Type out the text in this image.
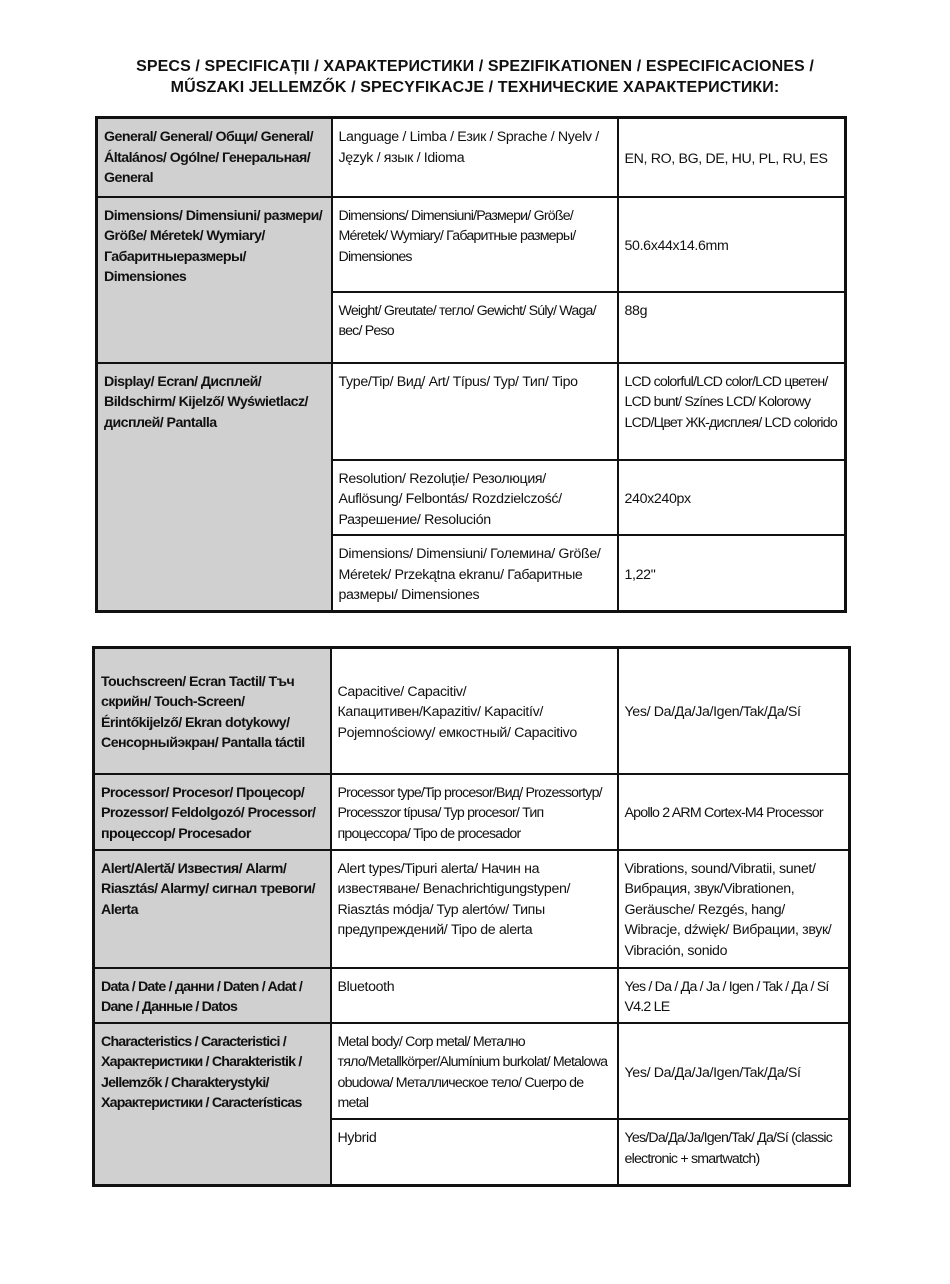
SPECS / SPECIFICAȚII / ХАРАКТЕРИСТИКИ / SPEZIFIKATIONEN / ESPECIFICACIONES /
MŰSZAKI JELLEMZŐK / SPECYFIKACJE / ТЕХНИЧЕСКИЕ ХАРАКТЕРИСТИКИ:
General/ General/ Общи/ General/ Általános/ Ogólne/ Генеральная/ General	Language / Limba / Език / Sprache / Nyelv / Język / язык / Idioma	EN, RO, BG, DE, HU, PL, RU, ES
Dimensions/ Dimensiuni/ размери/ Größe/ Méretek/ Wymiary/ Габаритныеразмеры/ Dimensiones	Dimensions/ Dimensiuni/Размери/ Größe/ Méretek/ Wymiary/ Габаритные размеры/ Dimensiones	50.6x44x14.6mm
	Weight/ Greutate/ тегло/ Gewicht/ Súly/ Waga/ вес/ Peso	88g
Display/ Ecran/ Дисплей/ Bildschirm/ Kijelző/ Wyświetlacz/ дисплей/ Pantalla	Type/Tip/ Вид/ Art/ Típus/ Typ/ Тип/ Tipo	LCD colorful/LCD color/LCD цветен/ LCD bunt/ Színes LCD/ Kolorowy LCD/Цвет ЖК-дисплея/ LCD colorido
	Resolution/ Rezoluție/ Резолюция/ Auflösung/ Felbontás/ Rozdzielczość/ Разрешение/ Resolución	240x240px
	Dimensions/ Dimensiuni/ Големина/ Größe/ Méretek/ Przekątna ekranu/ Габаритные размеры/ Dimensiones	1,22"
Touchscreen/ Ecran Tactil/ Tъч скрийн/ Touch-Screen/ Érintőkijelző/ Ekran dotykowy/ Сенсорныйэкран/ Pantalla táctil	Capacitive/ Capacitiv/ Капацитивен/Kapazitiv/ Kapacitív/ Pojemnościowy/ емкостный/ Capacitivo	Yes/ Da/Да/Ja/Igen/Tak/Да/Sí
Processor/ Procesor/ Процесор/ Prozessor/ Feldolgozó/ Processor/ процессор/ Procesador	Processor type/Tip procesor/Вид/ Prozessortyp/ Processzor típusa/ Typ procesor/ Тип процессора/ Tipo de procesador	Apollo 2 ARM Cortex-M4 Processor
Alert/Alertă/ Известия/ Alarm/ Riasztás/ Alarmy/ сигнал тревоги/ Alerta	Alert types/Tipuri alerta/ Начин на известяване/ Benachrichtigungstypen/ Riasztás módja/ Typ alertów/ Типы предупреждений/ Tipo de alerta	Vibrations, sound/Vibratii, sunet/ Вибрация, звук/Vibrationen, Geräusche/ Rezgés, hang/ Wibracje, dźwięk/ Вибрации, звук/ Vibración, sonido
Data / Date / данни / Daten / Adat / Dane / Данные / Datos	Bluetooth	Yes / Da / Да / Ja / Igen / Tak / Да / Sí V4.2 LE
Characteristics / Caracteristici / Характеристики / Charakteristik / Jellemzők / Charakterystyki/ Характеристики / Características	Metal body/ Corp metal/ Метално тяло/Metallkörper/Alumínium burkolat/ Metalowa obudowa/ Металлическое тело/ Cuerpo de metal	Yes/ Da/Да/Ja/Igen/Tak/Да/Sí
	Hybrid	Yes/Da/Да/Ja/Igen/Tak/ Да/Sí (classic electronic + smartwatch)
